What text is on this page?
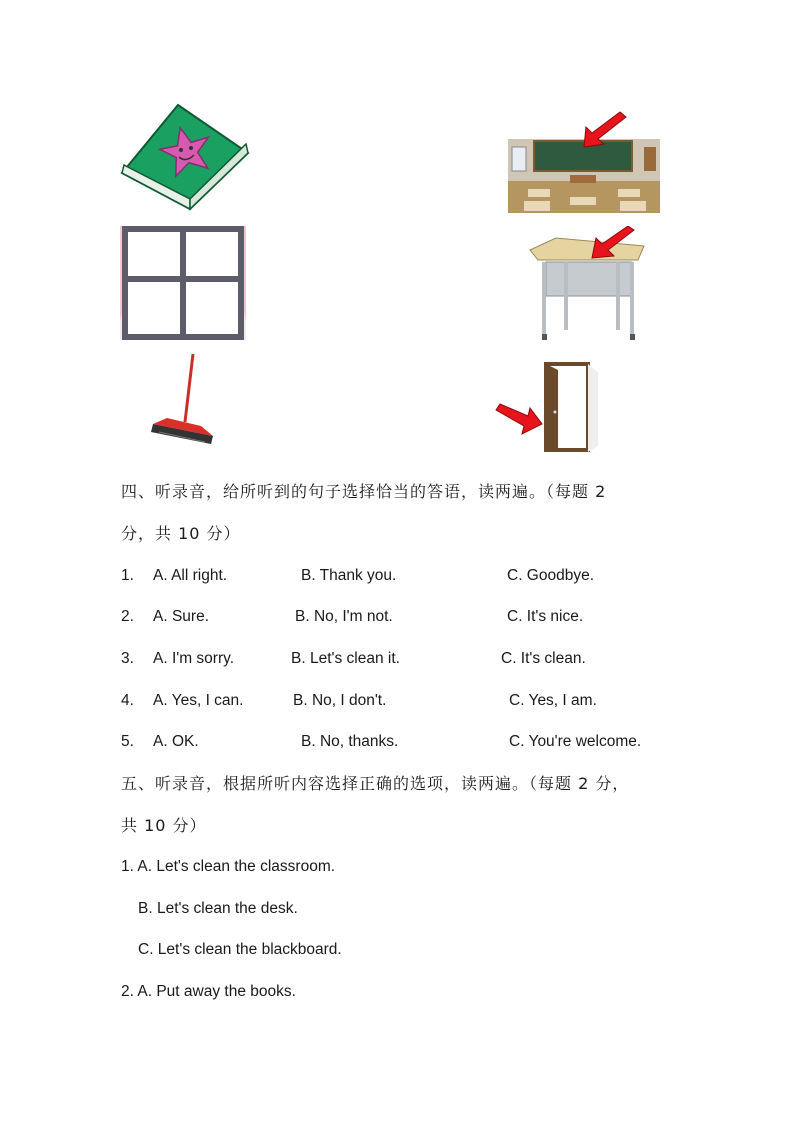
四、听录音，给所听到的句子选择恰当的答语，读两遍。（每题 2
分，共 10 分）
1. A. All right.	B. Thank you.	C. Goodbye.
2. A. Sure.	B. No, I'm not.	C. It's nice.
3. A. I'm sorry.	B. Let's clean it.	C. It's clean.
4. A. Yes, I can.	B. No, I don't.	C. Yes, I am.
5. A. OK.	B. No, thanks.	C. You're welcome.
五、听录音，根据所听内容选择正确的选项，读两遍。（每题 2 分，
共 10 分）
1. A. Let's clean the classroom.
B. Let's clean the desk.
C. Let's clean the blackboard.
2. A. Put away the books.
